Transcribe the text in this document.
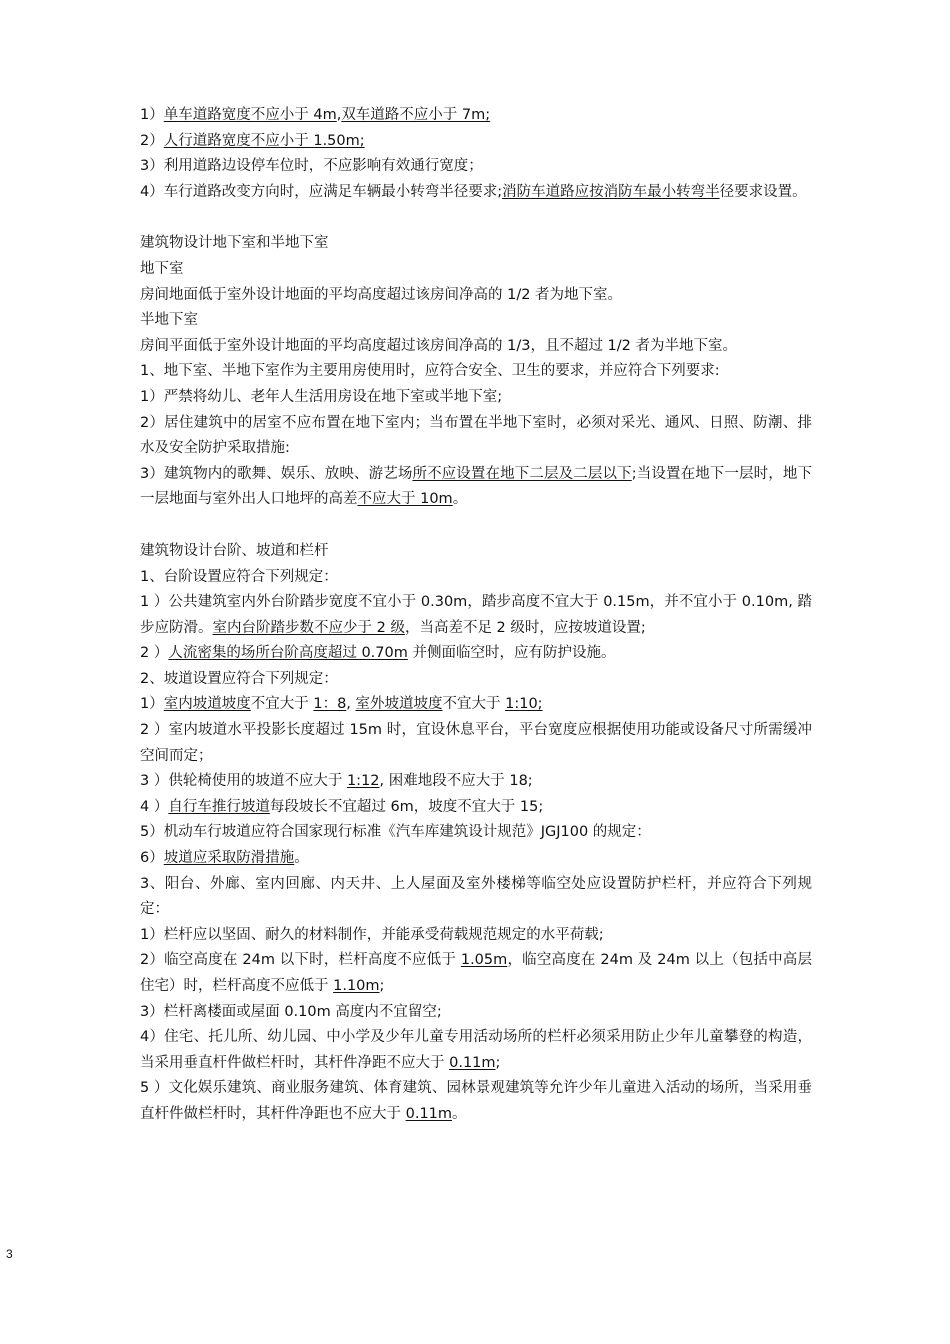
1）单车道路宽度不应小于 4m,双车道路不应小于 7m;

2）人行道路宽度不应小于 1.50m;

3）利用道路边设停车位时，不应影响有效通行宽度；

4）车行道路改变方向时，应满足车辆最小转弯半径要求;消防车道路应按消防车最小转弯半径要求设置。

建筑物设计地下室和半地下室

地下室

房间地面低于室外设计地面的平均高度超过该房间净高的 1/2 者为地下室。

半地下室

房间平面低于室外设计地面的平均高度超过该房间净高的 1/3，且不超过 1/2 者为半地下室。

1、地下室、半地下室作为主要用房使用时，应符合安全、卫生的要求，并应符合下列要求:

1）严禁将幼儿、老年人生活用房设在地下室或半地下室;

2）居住建筑中的居室不应布置在地下室内；当布置在半地下室时，必须对采光、通风、日照、防潮、排水及安全防护采取措施:

3）建筑物内的歌舞、娱乐、放映、游艺场所不应设置在地下二层及二层以下;当设置在地下一层时，地下一层地面与室外出人口地坪的高差不应大于 10m。

建筑物设计台阶、坡道和栏杆

1、台阶设置应符合下列规定：

1 ）公共建筑室内外台阶踏步宽度不宜小于 0.30m，踏步高度不宜大于 0.15m，并不宜小于 0.10m, 踏步应防滑。室内台阶踏步数不应少于 2 级，当高差不足 2 级时，应按坡道设置;

2 ）人流密集的场所台阶高度超过 0.70m 并侧面临空时，应有防护设施。

2、坡道设置应符合下列规定：

1）室内坡道坡度不宜大于 1：8, 室外坡道坡度不宜大于 1:10;

2 ）室内坡道水平投影长度超过 15m 时，宜设休息平台，平台宽度应根据使用功能或设备尺寸所需缓冲空间而定；

3 ）供轮椅使用的坡道不应大于 1:12, 困难地段不应大于 18;

4 ）自行车推行坡道每段坡长不宜超过 6m，坡度不宜大于 15;

5）机动车行坡道应符合国家现行标准《汽车库建筑设计规范》JGJ100 的规定：

6）坡道应采取防滑措施。

3、阳台、外廊、室内回廊、内天井、上人屋面及室外楼梯等临空处应设置防护栏杆，并应符合下列规定：

1）栏杆应以坚固、耐久的材料制作，并能承受荷载规范规定的水平荷载;

2）临空高度在 24m 以下时，栏杆高度不应低于 1.05m，临空高度在 24m 及 24m 以上（包括中高层住宅）时，栏杆高度不应低于 1.10m;

3）栏杆离楼面或屋面 0.10m 高度内不宜留空;

4）住宅、托儿所、幼儿园、中小学及少年儿童专用活动场所的栏杆必须采用防止少年儿童攀登的构造，当采用垂直杆件做栏杆时，其杆件净距不应大于 0.11m;

5 ）文化娱乐建筑、商业服务建筑、体育建筑、园林景观建筑等允许少年儿童进入活动的场所，当采用垂直杆件做栏杆时，其杆件净距也不应大于 0.11m。

3
